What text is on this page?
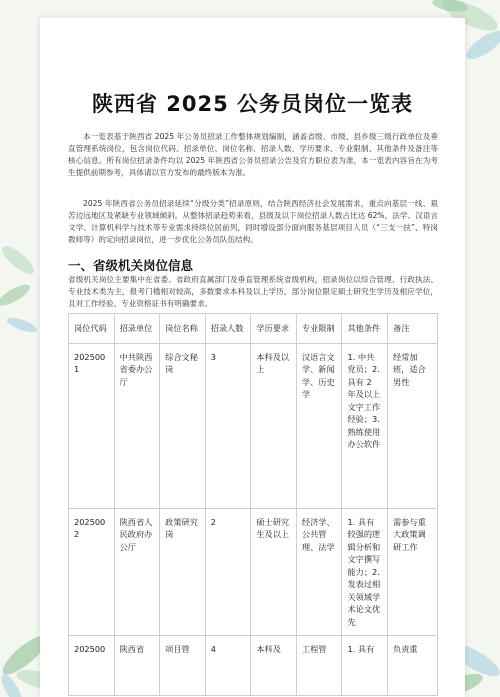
陕西省 2025 公务员岗位一览表
本一览表基于陕西省 2025 年公务员招录工作整体规划编制，涵盖省级、市级、县乡级三级行政单位及垂直管理系统岗位，包含岗位代码、招录单位、岗位名称、招录人数、学历要求、专业限制、其他条件及备注等核心信息。所有岗位招录条件均以 2025 年陕西省公务员招录公告及官方职位表为准，本一览表内容旨在为考生提供前期参考，具体请以官方发布的最终版本为准。
2025 年陕西省公务员招录延续“分级分类”招录原则，结合陕西经济社会发展需求，重点向基层一线、艰苦边远地区及紧缺专业领域倾斜。从整体招录趋势来看，县级及以下岗位招录人数占比达 62%，法学、汉语言文学、计算机科学与技术等专业需求持续位居前列，同时增设部分面向服务基层项目人员（“三支一扶”、特岗教师等）的定向招录岗位，进一步优化公务员队伍结构。
一、省级机关岗位信息
省级机关岗位主要集中在省委、省政府直属部门及垂直管理系统省级机构，招录岗位以综合管理、行政执法、专业技术类为主，报考门槛相对较高，多数要求本科及以上学历，部分岗位限定硕士研究生学历及相应学位，且对工作经验、专业资格证书有明确要求。
岗位代码	招录单位	岗位名称	招录人数	学历要求	专业限制	其他条件	备注
2025001	中共陕西省委办公厅	综合文秘岗	3	本科及以上	汉语言文学、新闻学、历史学	1. 中共党员；2. 具有 2 年及以上文字工作经验；3. 熟练使用办公软件	经常加班，适合男性
2025002	陕西省人民政府办公厅	政策研究岗	2	硕士研究生及以上	经济学、公共管理、法学	1. 具有较强的逻辑分析和文字撰写能力；2. 发表过相关领域学术论文优先	需参与重大政策调研工作
202500	陕西省	项目管	4	本科及	工程管	1. 具有	负责重
